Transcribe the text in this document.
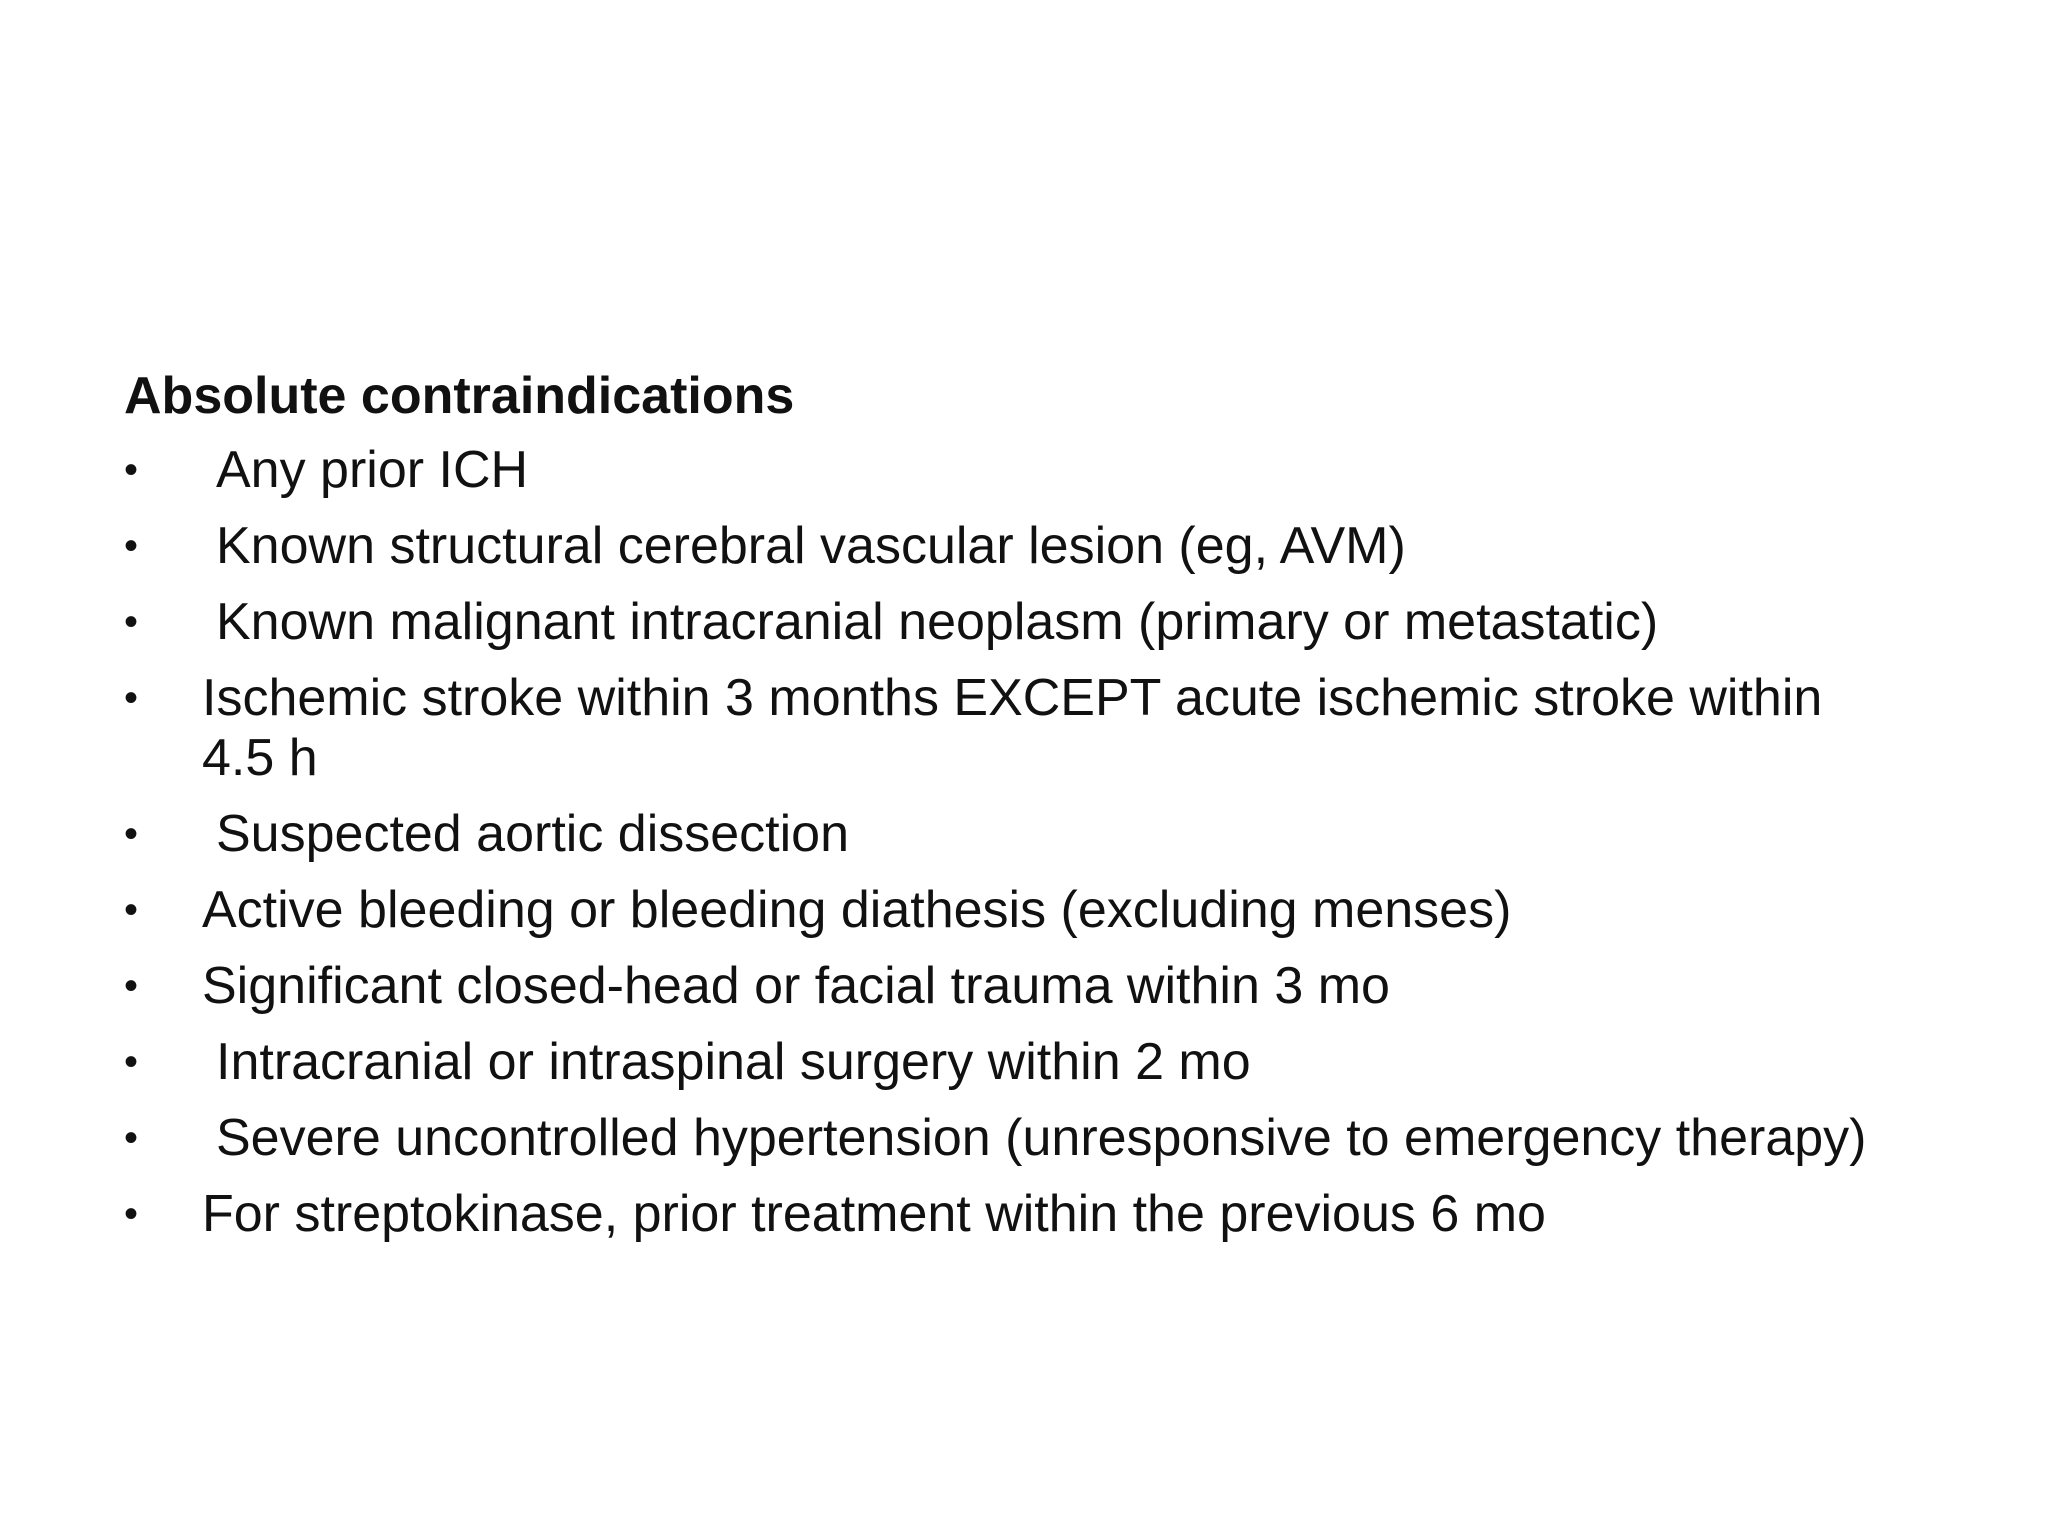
Absolute contraindications
•	Any prior ICH
•	Known structural cerebral vascular lesion (eg, AVM)
•	Known malignant intracranial neoplasm (primary or metastatic)
•	Ischemic stroke within 3 months EXCEPT acute ischemic stroke within 4.5 h
•	Suspected aortic dissection
•	Active bleeding or bleeding diathesis (excluding menses)
•	Significant closed-head or facial trauma within 3 mo
•	Intracranial or intraspinal surgery within 2 mo
•	Severe uncontrolled hypertension (unresponsive to emergency therapy)
•	For streptokinase, prior treatment within the previous 6 mo
